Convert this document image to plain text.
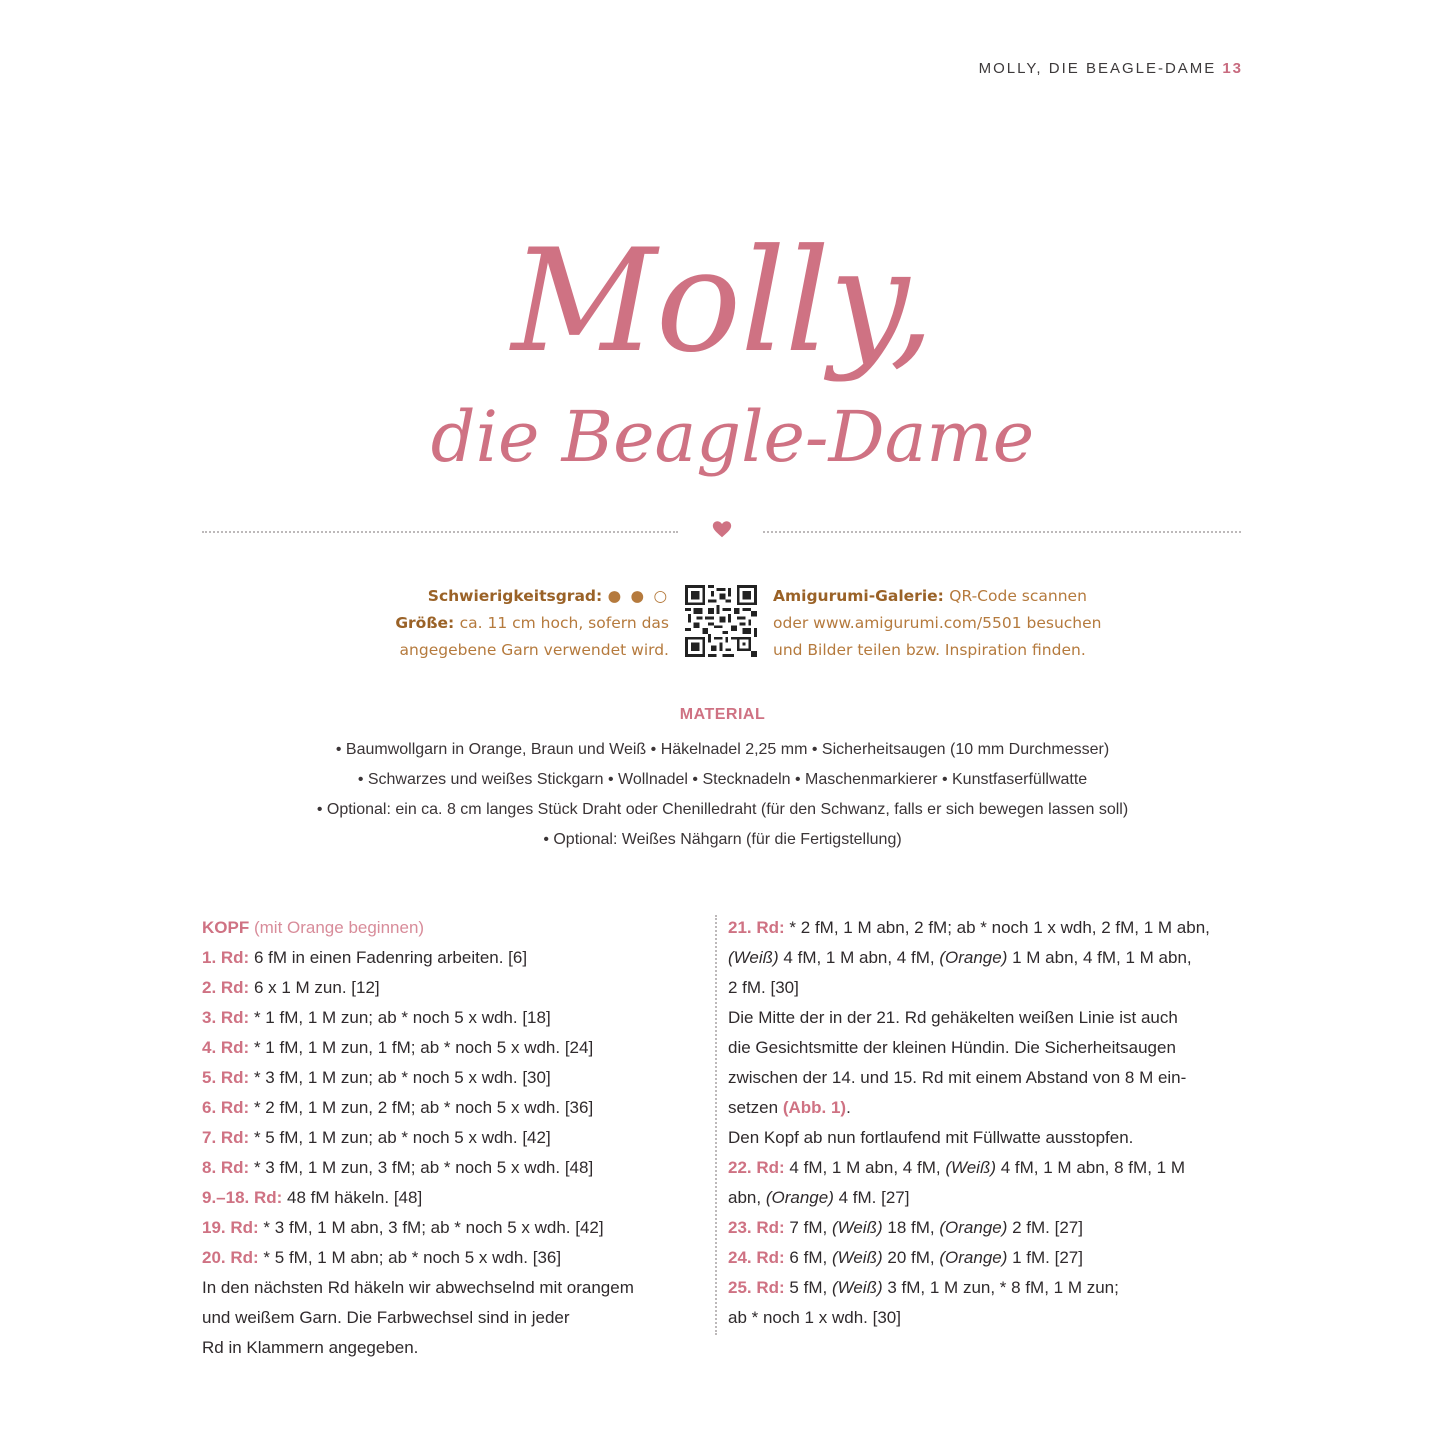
MOLLY, DIE BEAGLE-DAME 13
Molly,
die Beagle-Dame
Schwierigkeitsgrad: ● ● ○
Größe: ca. 11 cm hoch, sofern das
angegebene Garn verwendet wird.
Amigurumi-Galerie: QR-Code scannen
oder www.amigurumi.com/5501 besuchen
und Bilder teilen bzw. Inspiration finden.
MATERIAL
• Baumwollgarn in Orange, Braun und Weiß • Häkelnadel 2,25 mm • Sicherheitsaugen (10 mm Durchmesser)
• Schwarzes und weißes Stickgarn • Wollnadel • Stecknadeln • Maschenmarkierer • Kunstfaserfüllwatte
• Optional: ein ca. 8 cm langes Stück Draht oder Chenilledraht (für den Schwanz, falls er sich bewegen lassen soll)
• Optional: Weißes Nähgarn (für die Fertigstellung)
KOPF (mit Orange beginnen)
1. Rd: 6 fM in einen Fadenring arbeiten. [6]
2. Rd: 6 x 1 M zun. [12]
3. Rd: * 1 fM, 1 M zun; ab * noch 5 x wdh. [18]
4. Rd: * 1 fM, 1 M zun, 1 fM; ab * noch 5 x wdh. [24]
5. Rd: * 3 fM, 1 M zun; ab * noch 5 x wdh. [30]
6. Rd: * 2 fM, 1 M zun, 2 fM; ab * noch 5 x wdh. [36]
7. Rd: * 5 fM, 1 M zun; ab * noch 5 x wdh. [42]
8. Rd: * 3 fM, 1 M zun, 3 fM; ab * noch 5 x wdh. [48]
9.–18. Rd: 48 fM häkeln. [48]
19. Rd: * 3 fM, 1 M abn, 3 fM; ab * noch 5 x wdh. [42]
20. Rd: * 5 fM, 1 M abn; ab * noch 5 x wdh. [36]
In den nächsten Rd häkeln wir abwechselnd mit orangem
und weißem Garn. Die Farbwechsel sind in jeder
Rd in Klammern angegeben.
21. Rd: * 2 fM, 1 M abn, 2 fM; ab * noch 1 x wdh, 2 fM, 1 M abn,
(Weiß) 4 fM, 1 M abn, 4 fM, (Orange) 1 M abn, 4 fM, 1 M abn,
2 fM. [30]
Die Mitte der in der 21. Rd gehäkelten weißen Linie ist auch
die Gesichtsmitte der kleinen Hündin. Die Sicherheitsaugen
zwischen der 14. und 15. Rd mit einem Abstand von 8 M ein-
setzen (Abb. 1).
Den Kopf ab nun fortlaufend mit Füllwatte ausstopfen.
22. Rd: 4 fM, 1 M abn, 4 fM, (Weiß) 4 fM, 1 M abn, 8 fM, 1 M
abn, (Orange) 4 fM. [27]
23. Rd: 7 fM, (Weiß) 18 fM, (Orange) 2 fM. [27]
24. Rd: 6 fM, (Weiß) 20 fM, (Orange) 1 fM. [27]
25. Rd: 5 fM, (Weiß) 3 fM, 1 M zun, * 8 fM, 1 M zun;
ab * noch 1 x wdh. [30]
